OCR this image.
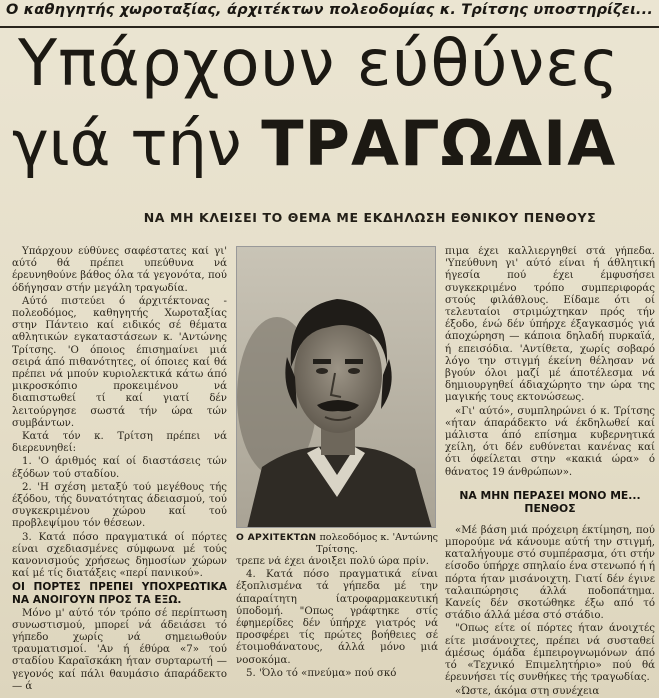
Ο καθηγητής χωροταξίας, άρχιτέκτων πολεοδομίας κ. Τρίτσης υποστηρίζει...
Υπάρχουν εύθύνες
γιά τήν ΤΡΑΓΩΔΙΑ
ΝΑ ΜΗ ΚΛΕΙΣΕΙ ΤΟ ΘΕΜΑ ΜΕ ΕΚΔΗΛΩΣΗ ΕΘΝΙΚΟΥ ΠΕΝΘΟΥΣ

Υπάρχουν εύθύνες σαφέστατες καί γι' αύτό θά πρέπει υπεύθυνα νά έρευνηθούνε βάθος όλα τά γεγονότα, πού όδήγησαν στήν μεγάλη τραγωδία.

Αύτό πιστεύει ό άρχιτέκτονας - πολεοδόμος, καθηγητής Χωροταξίας στην Πάντειο καί ειδικός σέ θέματα αθλητικών εγκαταστάσεων κ. 'Αντώνης Τρίτσης. 'Ο όποιος έπισημαίνει μιά σειρά άπό πιθανότητες, οί όποιες καί θά πρέπει νά μπούν κυριολεκτικά κάτω άπό μικροσκόπιο προκειμένου νά διαπιστωθεί τί καί γιατί δέν λειτούργησε σωστά τήν ώρα τών συμβάντων.

Κατά τόν κ. Τρίτση πρέπει νά διερευνηθεί:

1. 'Ο άριθμός καί οί διαστάσεις τών έξόδων τού σταδίου.

2. 'Η σχέση μεταξύ τού μεγέθους τής έξόδου, τής δυνατότητας άδειασμού, τού συγκεκριμένου χώρου καί τού προβλεψίμου τόν θέσεων.

3. Κατά πόσο πραγματικά οί πόρτες είναι σχεδιασμένες σύμφωνα μέ τούς κανονισμούς χρήσεως δημοσίων χώρων καί μέ τίς διατάξεις «περί πανικού».

ΟΙ ΠΟΡΤΕΣ ΠΡΕΠΕΙ ΥΠΟΧΡΕΩΤΙΚΑ ΝΑ ΑΝΟΙΓΟΥΝ ΠΡΟΣ ΤΑ ΕΞΩ.

Μόνο μ' αύτό τόν τρόπο σέ περίπτωση συνωστισμού, μπορεί νά άδειάσει τό γήπεδο χωρίς νά σημειωθούν τραυματισμοί. 'Αν ή έθύρα «7» τού σταδίου Καραϊσκάκη ήταν συρταρωτή — γεγονός καί πάλι θαυμάσιο άπαράδεκτο — ά

Ο ΑΡΧΙΤΕΚΤΩΝ πολεοδόμος κ. 'Αντώνης Τρίτσης.

τρεπε νά έχει άνοιξει πολύ ώρα πρίν.

4. Κατά πόσο πραγματικά είναι έξοπλισμένα τά γήπεδα μέ την άπαραίτητη ίατροφαρμακευτική ύποδομή. "Οπως γράφτηκε στίς έφημερίδες δέν ύπήρχε γιατρός νά προσφέρει τίς πρώτες βοήθειες σέ έτοιμοθάνατους, άλλά μόνο μιά νοσοκόμα.

5. 'Όλο τό «πνεύμα» πού σκό

πιμα έχει καλλιεργηθεί στά γήπεδα. 'Υπεύθυνη γι' αύτό είναι ή άθλητική ήγεσία πού έχει έμφυσήσει συγκεκριμένο τρόπο συμπεριφοράς στούς φιλάθλους. Είδαμε ότι οί τελευταίοι στριμώχτηκαν πρός τήν έξοδο, ένώ δέν ύπήρχε έξαγκασμός γιά άποχώρηση — κάποια δηλαδή πυρκαϊά, ή επεισόδια. 'Αντίθετα, χωρίς σοβαρό λόγο την στιγμή έκείνη θέλησαν νά βγούν όλοι μαζί μέ άποτέλεσμα νά δημιουργηθεί άδιαχώρητο την ώρα της μαγικής τους εκτονώσεως.

«Γι' αύτό», συμπληρώνει ό κ. Τρίτσης «ήταν άπαράδεκτο νά έκδηλωθεί καί μάλιστα άπό επίσημα κυβερνητικά χείλη, ότι δέν ευθύνεται κανένας καί ότι όφείλεται στην «κακιά ώρα» ό θάνατος 19 άνθρώπων».

ΝΑ ΜΗΝ ΠΕΡΑΣΕΙ ΜΟΝΟ ΜΕ... ΠΕΝΘΟΣ

«Μέ βάση μιά πρόχειρη έκτίμηση, πού μπορούμε νά κάνουμε αύτή την στιγμή, καταλήγουμε στό συμπέρασμα, ότι στήν είσοδο ύπήρχε σπηλαίο ένα στενωπό ή ή πόρτα ήταν μισάνοιχτη. Γιατί δέν έγινε ταλαιπώρησις άλλά ποδοπάτημα. Κανείς δέν σκοτώθηκε έξω από τό στάδιο άλλά μέσα στό στάδιο.

"Οπως είτε οί πόρτες ήταν άνοιχτές είτε μισάνοιχτες, πρέπει νά συσταθεί άμέσως όμάδα έμπειρογνωμόνων άπό τό «Τεχνικό Επιμελητήριο» πού θά έρευνήσει τίς συνθήκες τής τραγωδίας.

«Ώστε, άκόμα στη συνέχεια
